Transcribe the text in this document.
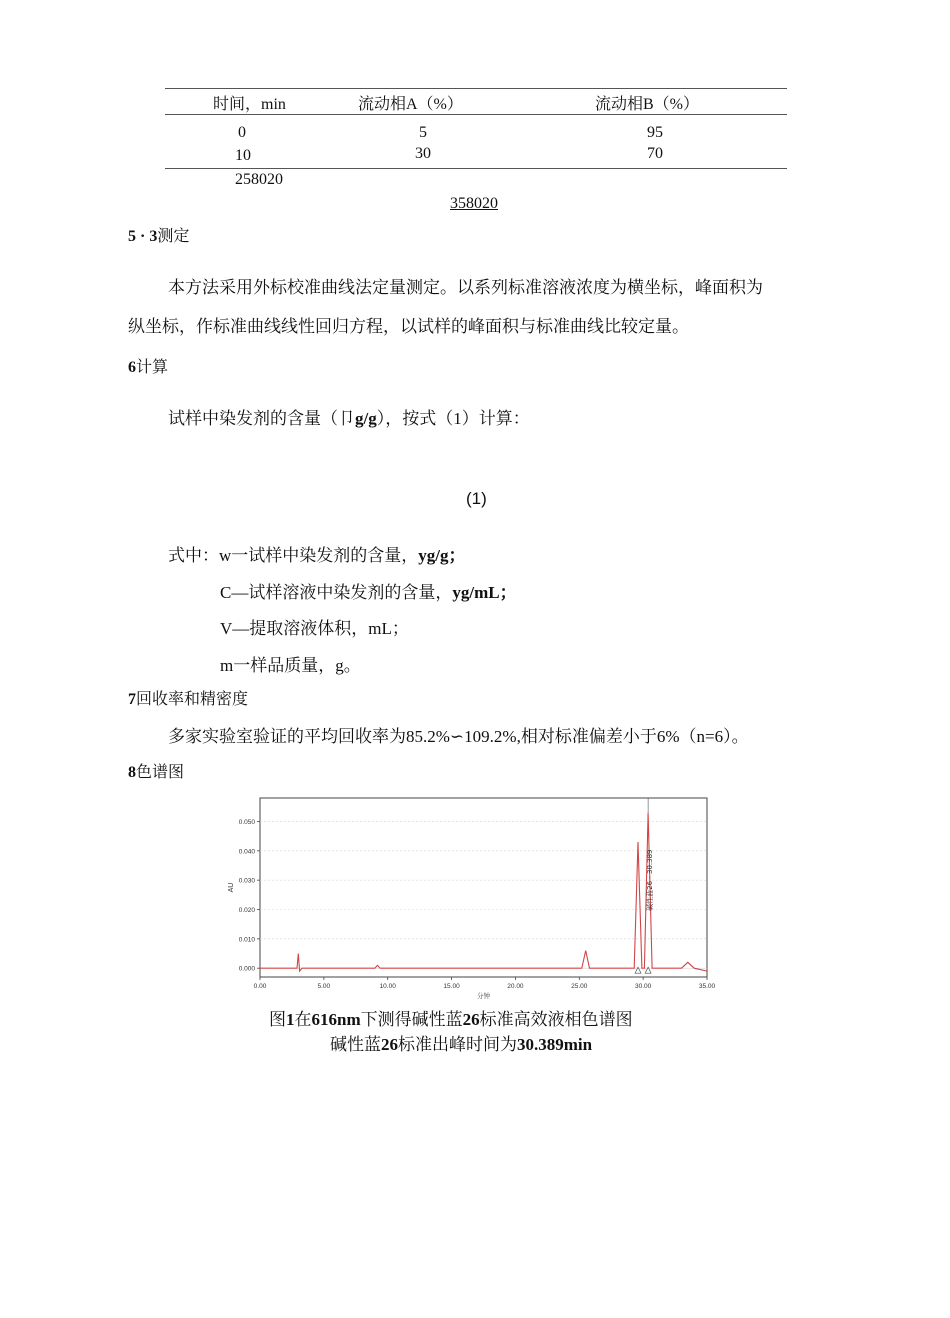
时间，min	流动相A（%）	流动相B（%）
0	5	95
10	30	70
258020
358020
5 · 3测定
本方法采用外标校准曲线法定量测定。以系列标准溶液浓度为横坐标，峰面积为
纵坐标，作标准曲线线性回归方程，以试样的峰面积与标准曲线比较定量。
6计算
试样中染发剂的含量（卩g/g），按式（1）计算：
(1)
式中：w一试样中染发剂的含量，yg/g；
C—试样溶液中染发剂的含量，yg/mL；
V—提取溶液体积，mL；
m一样品质量，g。
7回收率和精密度
多家实验室验证的平均回收率为85.2%∽109.2%,相对标准偏差小于6%（n=6）。
8色谱图
0.000
0.010
0.020
0.030
0.040
0.050
0.00	5.00	10.00	15.00	20.00	25.00	30.00	35.00
AU
分钟
碱性蓝26 - 30.389
图1在616nm下测得碱性蓝26标准高效液相色谱图
碱性蓝26标准出峰时间为30.389min
